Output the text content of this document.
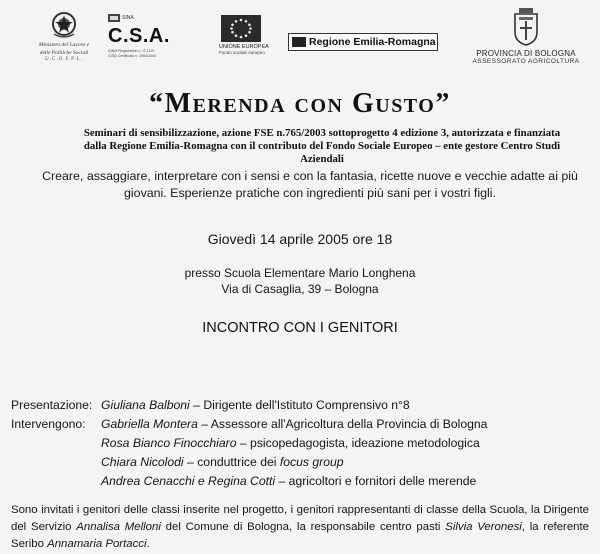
Ministero del Lavoro e
delle Politiche Sociali
U.C.O.F.P.L.
SINA
C.S.A.
IQNet Registration n. IT-1120
CISQ Certificato n. 1964/2004
UNIONE EUROPEA
Fondo sociale europeo
Regione Emilia-Romagna
PROVINCIA DI BOLOGNA
ASSESSORATO AGRICOLTURA
“Merenda con Gusto”
Seminari di sensibilizzazione, azione FSE n.765/2003 sottoprogetto 4 edizione 3, autorizzata e finanziata dalla Regione Emilia-Romagna con il contributo del Fondo Sociale Europeo – ente gestore Centro Studi Aziendali
Creare, assaggiare, interpretare con i sensi e con la fantasia, ricette nuove e vecchie adatte ai più
giovani. Esperienze pratiche con ingredienti più sani per i vostri figli.
Giovedì 14 aprile 2005 ore 18
presso Scuola Elementare Mario Longhena
Via di Casaglia, 39 – Bologna
INCONTRO CON I GENITORI
Presentazione: Giuliana Balboni – Dirigente dell'Istituto Comprensivo n°8
Intervengono: Gabriella Montera – Assessore all'Agricoltura della Provincia di Bologna
Rosa Bianco Finocchiaro – psicopedagogista, ideazione metodologica
Chiara Nicolodi – conduttrice dei focus group
Andrea Cenacchi e Regina Cotti – agricoltori e fornitori delle merende
Sono invitati i genitori delle classi inserite nel progetto, i genitori rappresentanti di classe della Scuola, la Dirigente del Servizio Annalisa Melloni del Comune di Bologna, la responsabile centro pasti Silvia Veronesi, la referente Seribo Annamaria Portacci.
